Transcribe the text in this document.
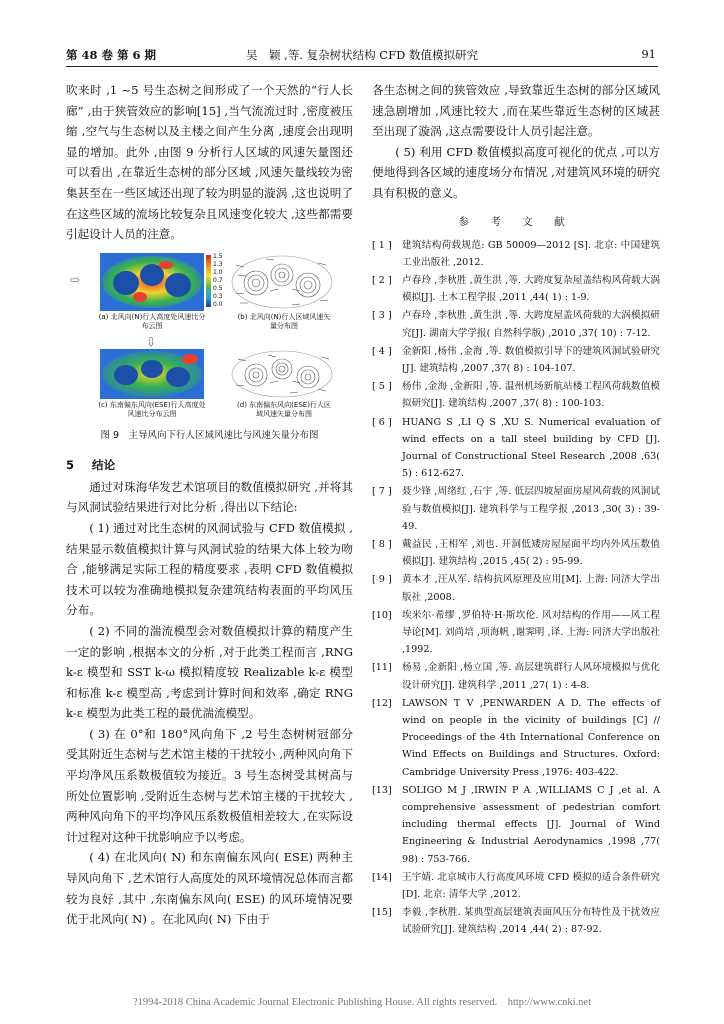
第 48 卷 第 6 期	吴　颖 ,等. 复杂树状结构 CFD 数值模拟研究	91

吹来时 ,1 ~5 号生态树之间形成了一个天然的“行人长廊” ,由于狭管效应的影响[15] ,当气流流过时 ,密度被压缩 ,空气与生态树以及主楼之间产生分离 ,速度会出现明显的增加。此外 ,由图 9 分析行人区域的风速矢量图还可以看出 ,在靠近生态树的部分区域 ,风速矢量线较为密集甚至在一些区域还出现了较为明显的漩涡 ,这也说明了在这些区域的流场比较复杂且风速变化较大 ,这些都需要引起设计人员的注意。

1.5
1.3
1.0
0.7
0.5
0.3
0.0
⇩
⇨
(a) 北风向(N)行人高度处风速比分布云图
(b) 北风向(N)行人区域风速矢量分布图
(c) 东南偏东风向(ESE)行人高度处风速比分布云图
(d) 东南偏东风向(ESE)行人区域风速矢量分布图
图 9　主导风向下行人区域风速比与风速矢量分布图
5 结论

通过对珠海华发艺术馆项目的数值模拟研究 ,并将其与风洞试验结果进行对比分析 ,得出以下结论:

( 1) 通过对比生态树的风洞试验与 CFD 数值模拟 ,结果显示数值模拟计算与风洞试验的结果大体上较为吻合 ,能够满足实际工程的精度要求 ,表明 CFD 数值模拟技术可以较为准确地模拟复杂建筑结构表面的平均风压分布。

( 2) 不同的湍流模型会对数值模拟计算的精度产生一定的影响 ,根据本文的分析 ,对于此类工程而言 ,RNG k-ε 模型和 SST k-ω 模拟精度较 Realizable k-ε 模型和标准 k-ε 模型高 ,考虑到计算时间和效率 ,确定 RNG k-ε 模型为此类工程的最优湍流模型。

( 3) 在 0°和 180°风向角下 ,2 号生态树树冠部分受其附近生态树与艺术馆主楼的干扰较小 ,两种风向角下平均净风压系数极值较为接近。3 号生态树受其树高与所处位置影响 ,受附近生态树与艺术馆主楼的干扰较大 ,两种风向角下的平均净风压系数极值相差较大 ,在实际设计过程对这种干扰影响应予以考虑。

( 4) 在北风向( N) 和东南偏东风向( ESE) 两种主导风向角下 ,艺术馆行人高度处的风环境情况总体而言都较为良好 ,其中 ,东南偏东风向( ESE) 的风环境情况要优于北风向( N) 。在北风向( N) 下由于

各生态树之间的狭管效应 ,导致靠近生态树的部分区域风速急剧增加 ,风速比较大 ,而在某些靠近生态树的区域甚至出现了漩涡 ,这点需要设计人员引起注意。

( 5) 利用 CFD 数值模拟高度可视化的优点 ,可以方便地得到各区域的速度场分布情况 ,对建筑风环境的研究具有积极的意义。

参 考 文 献
[ 1 ] 建筑结构荷载规范: GB 50009—2012 [S]. 北京: 中国建筑工业出版社 ,2012.
[ 2 ] 卢春玲 ,李秋胜 ,黄生洪 ,等. 大跨度复杂屋盖结构风荷载大涡模拟[J]. 土木工程学报 ,2011 ,44( 1) : 1-9.
[ 3 ] 卢春玲 ,李秋胜 ,黄生洪 ,等. 大跨度屋盖风荷载的大涡模拟研究[J]. 湖南大学学报( 自然科学版) ,2010 ,37( 10) : 7-12.
[ 4 ] 金新阳 ,杨伟 ,金海 ,等. 数值模拟引导下的建筑风洞试验研究[J]. 建筑结构 ,2007 ,37( 8) : 104-107.
[ 5 ] 杨伟 ,金海 ,金新阳 ,等. 温州机场新航站楼工程风荷载数值模拟研究[J]. 建筑结构 ,2007 ,37( 8) : 100-103.
[ 6 ] HUANG S ,LI Q S ,XU S. Numerical evaluation of wind effects on a tall steel building by CFD [J]. Journal of Constructional Steel Research ,2008 ,63( 5) : 612-627.
[ 7 ] 聂少锋 ,周绪红 ,石宇 ,等. 低层四坡屋面房屋风荷载的风洞试验与数值模拟[J]. 建筑科学与工程学报 ,2013 ,30( 3) : 39-49.
[ 8 ] 戴益民 ,王相军 ,刘也. 开洞低矮房屋屋面平均内外风压数值模拟[J]. 建筑结构 ,2015 ,45( 2) : 95-99.
[ 9 ] 黄本才 ,汪从军. 结构抗风原理及应用[M]. 上海: 同济大学出版社 ,2008.
[10] 埃米尔·希缪 ,罗伯特·H·斯坎伦. 风对结构的作用——风工程导论[M]. 刘尚培 ,项海帆 ,谢霁明 ,译. 上海: 同济大学出版社 ,1992.
[11] 杨易 ,金新阳 ,杨立国 ,等. 高层建筑群行人风环境模拟与优化设计研究[J]. 建筑科学 ,2011 ,27( 1) : 4-8.
[12] LAWSON T V ,PENWARDEN A D. The effects of wind on people in the vicinity of buildings [C] // Proceedings of the 4th International Conference on Wind Effects on Buildings and Structures. Oxford: Cambridge University Press ,1976: 403-422.
[13] SOLIGO M J ,IRWIN P A ,WILLIAMS C J ,et al. A comprehensive assessment of pedestrian comfort including thermal effects [J]. Journal of Wind Engineering & Industrial Aerodynamics ,1998 ,77( 98) : 753-766.
[14] 王宇婧. 北京城市人行高度风环境 CFD 模拟的适合条件研究[D]. 北京: 清华大学 ,2012.
[15] 李毅 ,李秋胜. 某典型高层建筑表面风压分布特性及干扰效应试验研究[J]. 建筑结构 ,2014 ,44( 2) : 87-92.
?1994-2018 China Academic Journal Electronic Publishing House. All rights reserved.　http://www.cnki.net
